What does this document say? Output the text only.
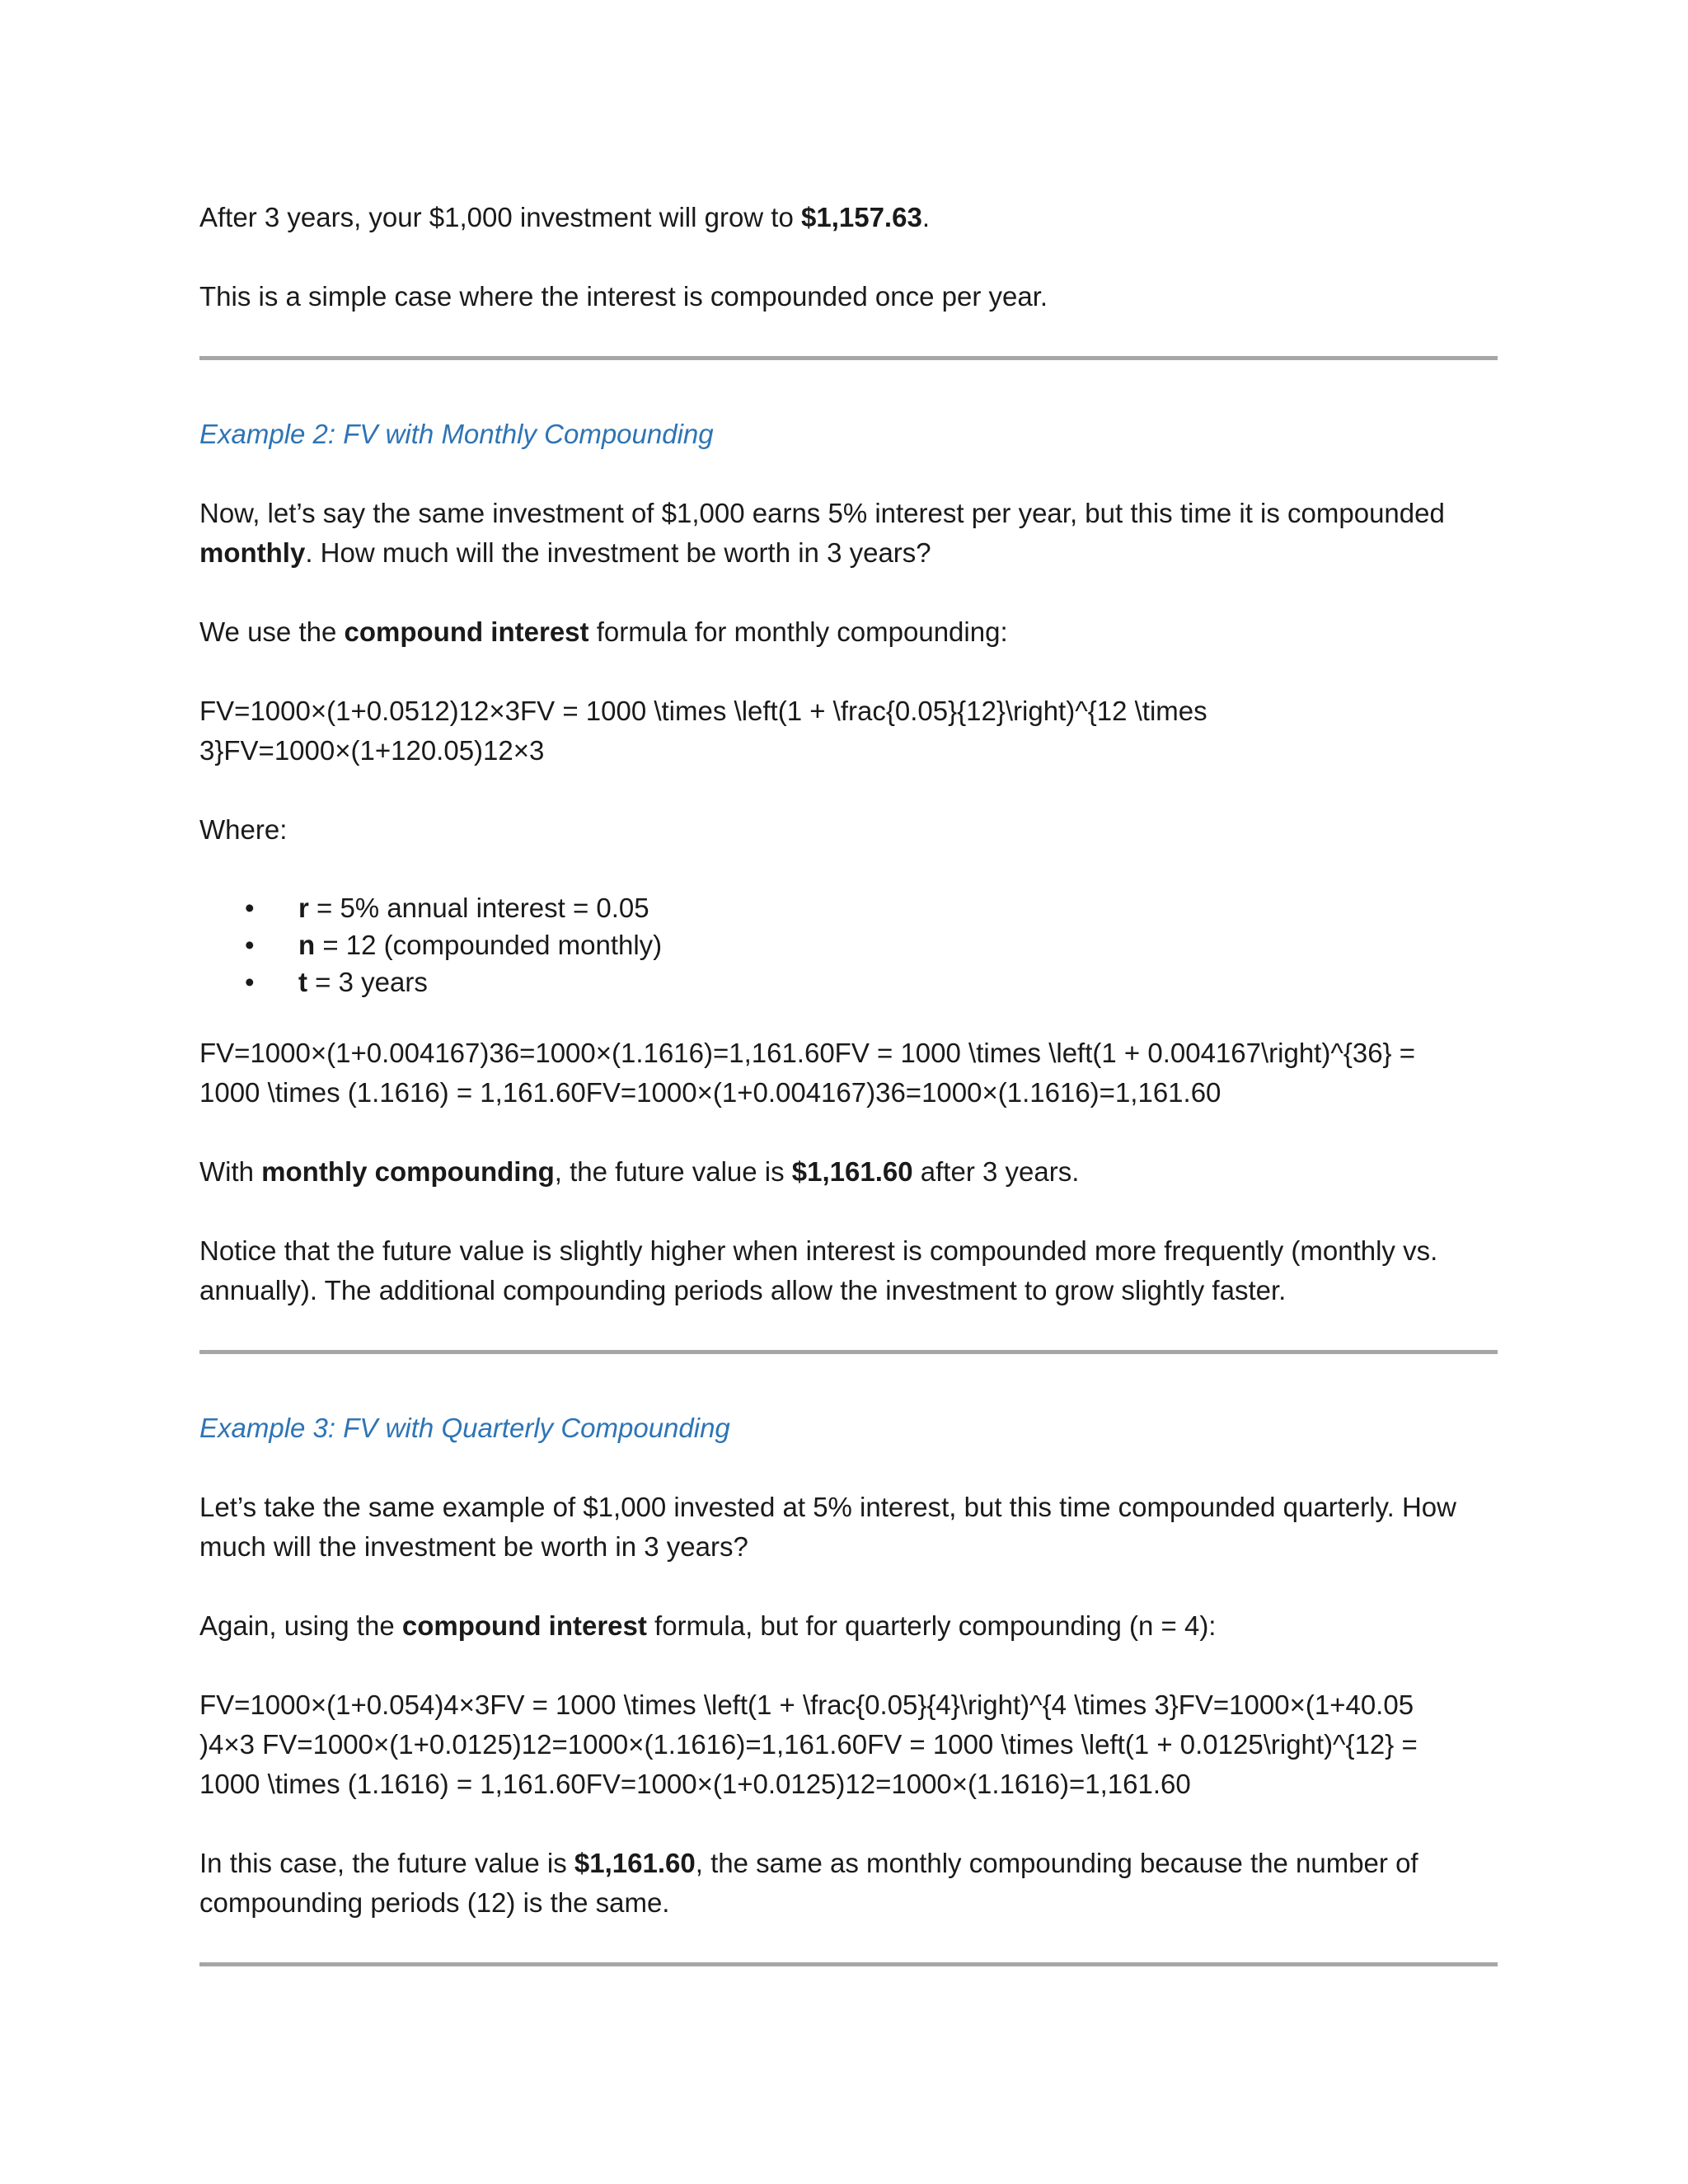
After 3 years, your $1,000 investment will grow to $1,157.63.

This is a simple case where the interest is compounded once per year.

Example 2: FV with Monthly Compounding

Now, let’s say the same investment of $1,000 earns 5% interest per year, but this time it is compounded monthly. How much will the investment be worth in 3 years?

We use the compound interest formula for monthly compounding:

FV=1000×(1+0.0512)12×3FV = 1000 \times \left(1 + \frac{0.05}{12}\right)^{12 \times
3}FV=1000×(1+120.05)12×3

Where:

• r = 5% annual interest = 0.05
• n = 12 (compounded monthly)
• t = 3 years

FV=1000×(1+0.004167)36=1000×(1.1616)=1,161.60FV = 1000 \times \left(1 + 0.004167\right)^{36} =
1000 \times (1.1616) = 1,161.60FV=1000×(1+0.004167)36=1000×(1.1616)=1,161.60

With monthly compounding, the future value is $1,161.60 after 3 years.

Notice that the future value is slightly higher when interest is compounded more frequently (monthly vs. annually). The additional compounding periods allow the investment to grow slightly faster.

Example 3: FV with Quarterly Compounding

Let’s take the same example of $1,000 invested at 5% interest, but this time compounded quarterly. How much will the investment be worth in 3 years?

Again, using the compound interest formula, but for quarterly compounding (n = 4):

FV=1000×(1+0.054)4×3FV = 1000 \times \left(1 + \frac{0.05}{4}\right)^{4 \times 3}FV=1000×(1+40.05
)4×3 FV=1000×(1+0.0125)12=1000×(1.1616)=1,161.60FV = 1000 \times \left(1 + 0.0125\right)^{12} =
1000 \times (1.1616) = 1,161.60FV=1000×(1+0.0125)12=1000×(1.1616)=1,161.60

In this case, the future value is $1,161.60, the same as monthly compounding because the number of compounding periods (12) is the same.
